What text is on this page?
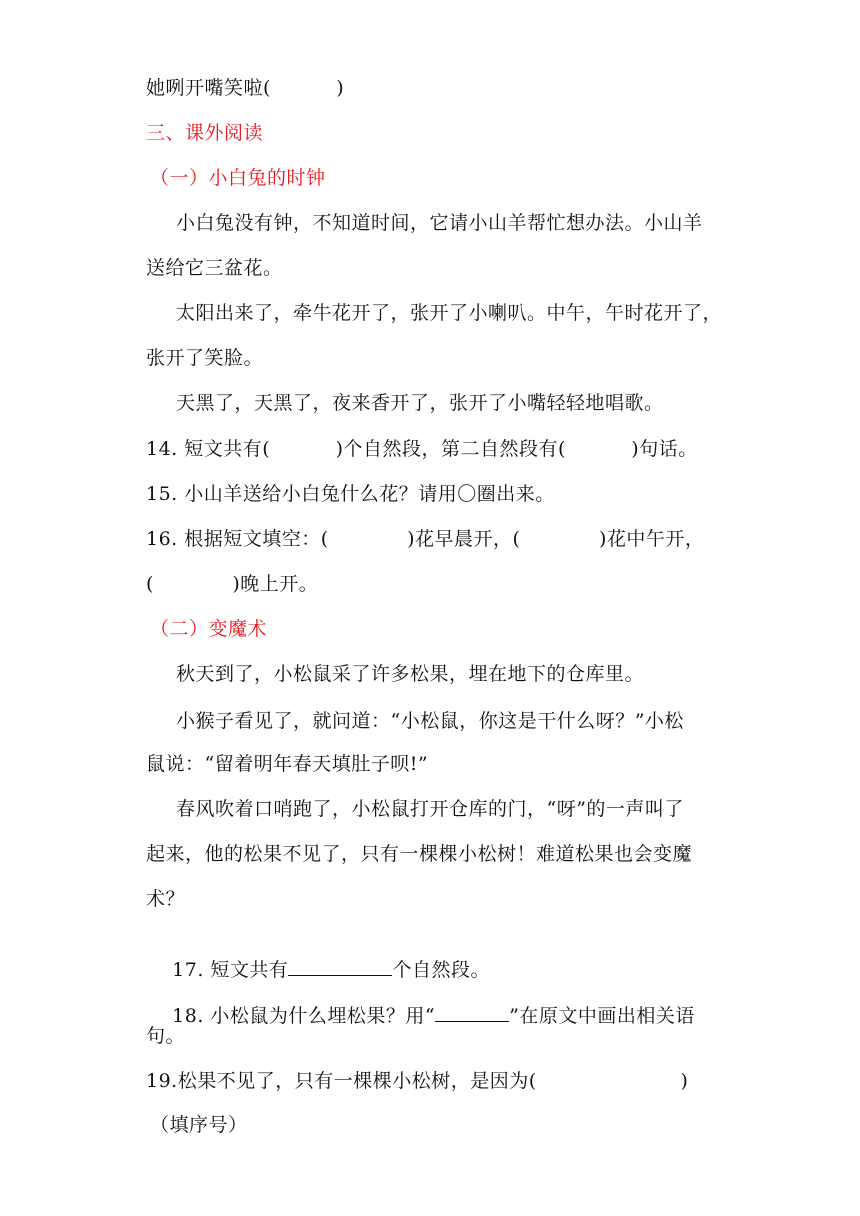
她咧开嘴笑啦(          )
三、课外阅读
（一）小白兔的时钟
小白兔没有钟，不知道时间，它请小山羊帮忙想办法。小山羊
送给它三盆花。
太阳出来了，牵牛花开了，张开了小喇叭。中午，午时花开了，
张开了笑脸。
天黑了，天黑了，夜来香开了，张开了小嘴轻轻地唱歌。
14. 短文共有(          )个自然段，第二自然段有(          )句话。
15. 小山羊送给小白兔什么花？请用〇圈出来。
16. 根据短文填空：(            )花早晨开，(            )花中午开，
(            )晚上开。
（二）变魔术
秋天到了，小松鼠采了许多松果，埋在地下的仓库里。
小猴子看见了，就问道：“小松鼠，你这是干什么呀？”小松
鼠说：“留着明年春天填肚子呗!”
春风吹着口哨跑了，小松鼠打开仓库的门，“呀”的一声叫了
起来，他的松果不见了，只有一棵棵小松树！难道松果也会变魔
术？

17. 短文共有	个自然段。

18. 小松鼠为什么埋松果？用“	”在原文中画出相关语

句。
19.松果不见了，只有一棵棵小松树，是因为(                      )
（填序号）
